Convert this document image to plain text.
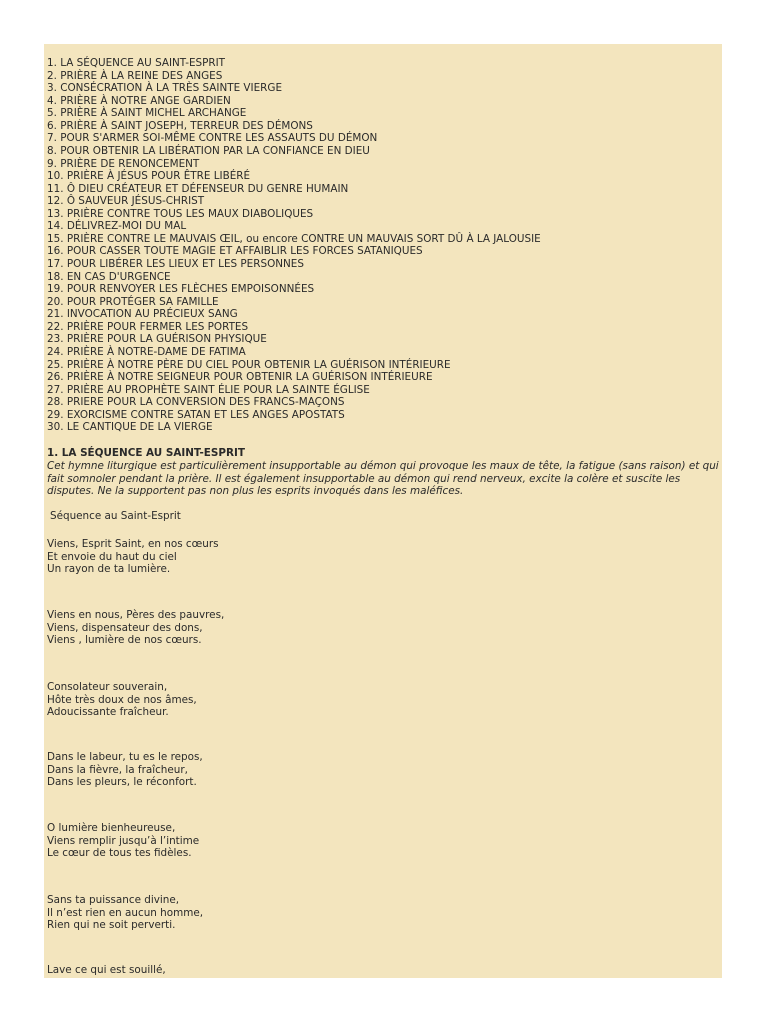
1. LA SÉQUENCE AU SAINT-ESPRIT
2. PRIÈRE À LA REINE DES ANGES
3. CONSÉCRATION À LA TRÈS SAINTE VIERGE
4. PRIÈRE À NOTRE ANGE GARDIEN
5. PRIÈRE À SAINT MICHEL ARCHANGE
6. PRIÈRE À SAINT JOSEPH, TERREUR DES DÉMONS
7. POUR S'ARMER SOI-MÊME CONTRE LES ASSAUTS DU DÉMON
8. POUR OBTENIR LA LIBÉRATION PAR LA CONFIANCE EN DIEU
9. PRIÈRE DE RENONCEMENT
10. PRIÈRE À JÉSUS POUR ÊTRE LIBÉRÉ
11. Ô DIEU CRÉATEUR ET DÉFENSEUR DU GENRE HUMAIN
12. Ô SAUVEUR JÉSUS-CHRIST
13. PRIÈRE CONTRE TOUS LES MAUX DIABOLIQUES
14. DÉLIVREZ-MOI DU MAL
15. PRIÈRE CONTRE LE MAUVAIS ŒIL, ou encore CONTRE UN MAUVAIS SORT DÛ À LA JALOUSIE
16. POUR CASSER TOUTE MAGIE ET AFFAIBLIR LES FORCES SATANIQUES
17. POUR LIBÉRER LES LIEUX ET LES PERSONNES
18. EN CAS D'URGENCE
19. POUR RENVOYER LES FLÈCHES EMPOISONNÉES
20. POUR PROTÉGER SA FAMILLE
21. INVOCATION AU PRÉCIEUX SANG
22. PRIÈRE POUR FERMER LES PORTES
23. PRIÈRE POUR LA GUÉRISON PHYSIQUE
24. PRIÈRE À NOTRE-DAME DE FATIMA
25. PRIÈRE À NOTRE PÈRE DU CIEL POUR OBTENIR LA GUÉRISON INTÉRIEURE
26. PRIÈRE À NOTRE SEIGNEUR POUR OBTENIR LA GUÉRISON INTÉRIEURE
27. PRIÈRE AU PROPHÈTE SAINT ÉLIE POUR LA SAINTE ÉGLISE
28. PRIERE POUR LA CONVERSION DES FRANCS-MAÇONS
29. EXORCISME CONTRE SATAN ET LES ANGES APOSTATS
30. LE CANTIQUE DE LA VIERGE
1. LA SÉQUENCE AU SAINT-ESPRIT
Cet hymne liturgique est particulièrement insupportable au démon qui provoque les maux de tête, la fatigue (sans raison) et qui fait somnoler pendant la prière. Il est également insupportable au démon qui rend nerveux, excite la colère et suscite les disputes. Ne la supportent pas non plus les esprits invoqués dans les maléfices.
Séquence au Saint-Esprit
Viens, Esprit Saint, en nos cœurs
Et envoie du haut du ciel
Un rayon de ta lumière.
Viens en nous, Pères des pauvres,
Viens, dispensateur des dons,
Viens , lumière de nos cœurs.
Consolateur souverain,
Hôte très doux de nos âmes,
Adoucissante fraîcheur.
Dans le labeur, tu es le repos,
Dans la fièvre, la fraîcheur,
Dans les pleurs, le réconfort.
O lumière bienheureuse,
Viens remplir jusqu’à l’intime
Le cœur de tous tes fidèles.
Sans ta puissance divine,
Il n’est rien en aucun homme,
Rien qui ne soit perverti.
Lave ce qui est souillé,
